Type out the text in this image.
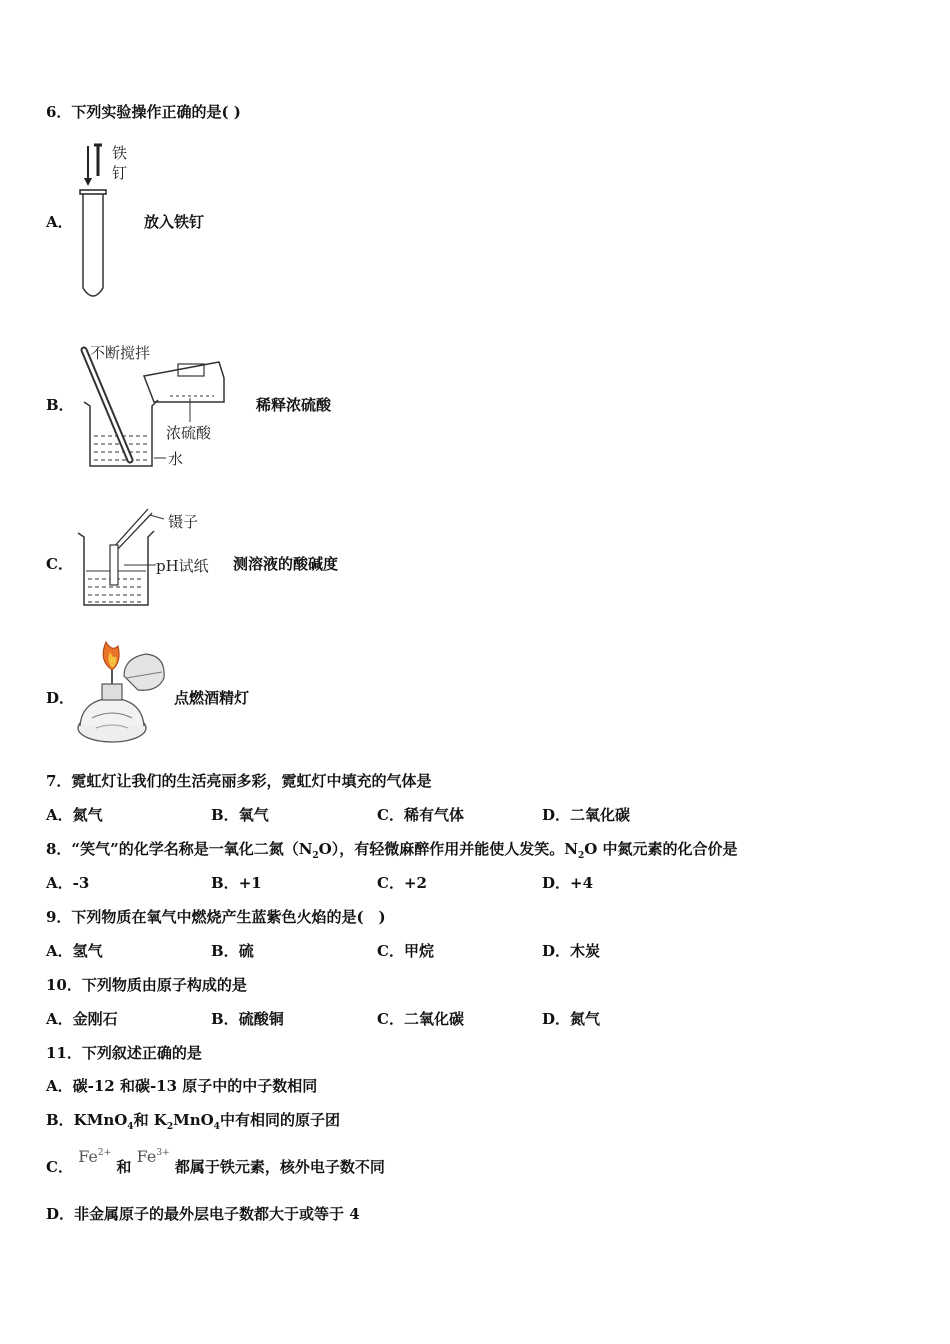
6．下列实验操作正确的是( )
A．
铁
钉
放入铁钉
B．
不断搅拌
浓硫酸
水
稀释浓硫酸
C．
镊子
pH试纸 测溶液的酸碱度
D．	点燃酒精灯
7．霓虹灯让我们的生活亮丽多彩，霓虹灯中填充的气体是
A．氮气	B．氧气	C．稀有气体	D．二氧化碳
8．“笑气”的化学名称是一氧化二氮$(N_2O)$，有轻微麻醉作用并能使人发笑。$N_2O$ 中氮元素的化合价是
A．-3	B．+1	C．+2	D．+4
9．下列物质在氧气中燃烧产生蓝紫色火焰的是(　)
A．氢气	B．硫	C．甲烷	D．木炭
10．下列物质由原子构成的是
A．金刚石	B．硫酸铜	C．二氧化碳	D．氮气
11．下列叙述正确的是
A．碳-12 和碳-13 原子中的中子数相同
B．KMnO$_4$和 $K_2MnO_4$中有相同的原子团
C． $Fe^{2+}$ 和 $Fe^{3+}$ 都属于铁元素，核外电子数不同
D．非金属原子的最外层电子数都大于或等于 4
